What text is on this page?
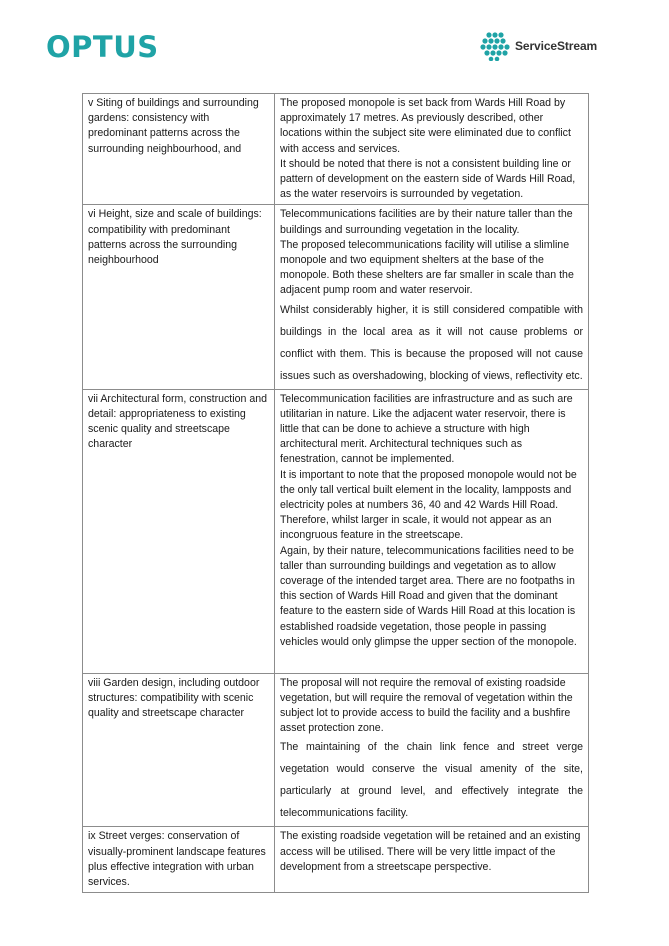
OPTUS	ServiceStream
v Siting of buildings and surrounding gardens: consistency with predominant patterns across the surrounding neighbourhood, and	The proposed monopole is set back from Wards Hill Road by approximately 17 metres. As previously described, other locations within the subject site were eliminated due to conflict with access and services.

It should be noted that there is not a consistent building line or pattern of development on the eastern side of Wards Hill Road, as the water reservoirs is surrounded by vegetation.

vi Height, size and scale of buildings: compatibility with predominant patterns across the surrounding neighbourhood	Telecommunications facilities are by their nature taller than the buildings and surrounding vegetation in the locality.

The proposed telecommunications facility will utilise a slimline monopole and two equipment shelters at the base of the monopole. Both these shelters are far smaller in scale than the adjacent pump room and water reservoir.

Whilst considerably higher, it is still considered compatible with buildings in the local area as it will not cause problems or conflict with them. This is because the proposed will not cause issues such as overshadowing, blocking of views, reflectivity etc.

vii Architectural form, construction and detail: appropriateness to existing scenic quality and streetscape character	Telecommunication facilities are infrastructure and as such are utilitarian in nature. Like the adjacent water reservoir, there is little that can be done to achieve a structure with high architectural merit. Architectural techniques such as fenestration, cannot be implemented.

It is important to note that the proposed monopole would not be the only tall vertical built element in the locality, lampposts and electricity poles at numbers 36, 40 and 42 Wards Hill Road. Therefore, whilst larger in scale, it would not appear as an incongruous feature in the streetscape.

Again, by their nature, telecommunications facilities need to be taller than surrounding buildings and vegetation as to allow coverage of the intended target area. There are no footpaths in this section of Wards Hill Road and given that the dominant feature to the eastern side of Wards Hill Road at this location is established roadside vegetation, those people in passing vehicles would only glimpse the upper section of the monopole.

viii Garden design, including outdoor structures: compatibility with scenic quality and streetscape character	The proposal will not require the removal of existing roadside vegetation, but will require the removal of vegetation within the subject lot to provide access to build the facility and a bushfire asset protection zone.

The maintaining of the chain link fence and street verge vegetation would conserve the visual amenity of the site, particularly at ground level, and effectively integrate the telecommunications facility.

ix Street verges: conservation of visually-prominent landscape features plus effective integration with urban services.	The existing roadside vegetation will be retained and an existing access will be utilised. There will be very little impact of the development from a streetscape perspective.
